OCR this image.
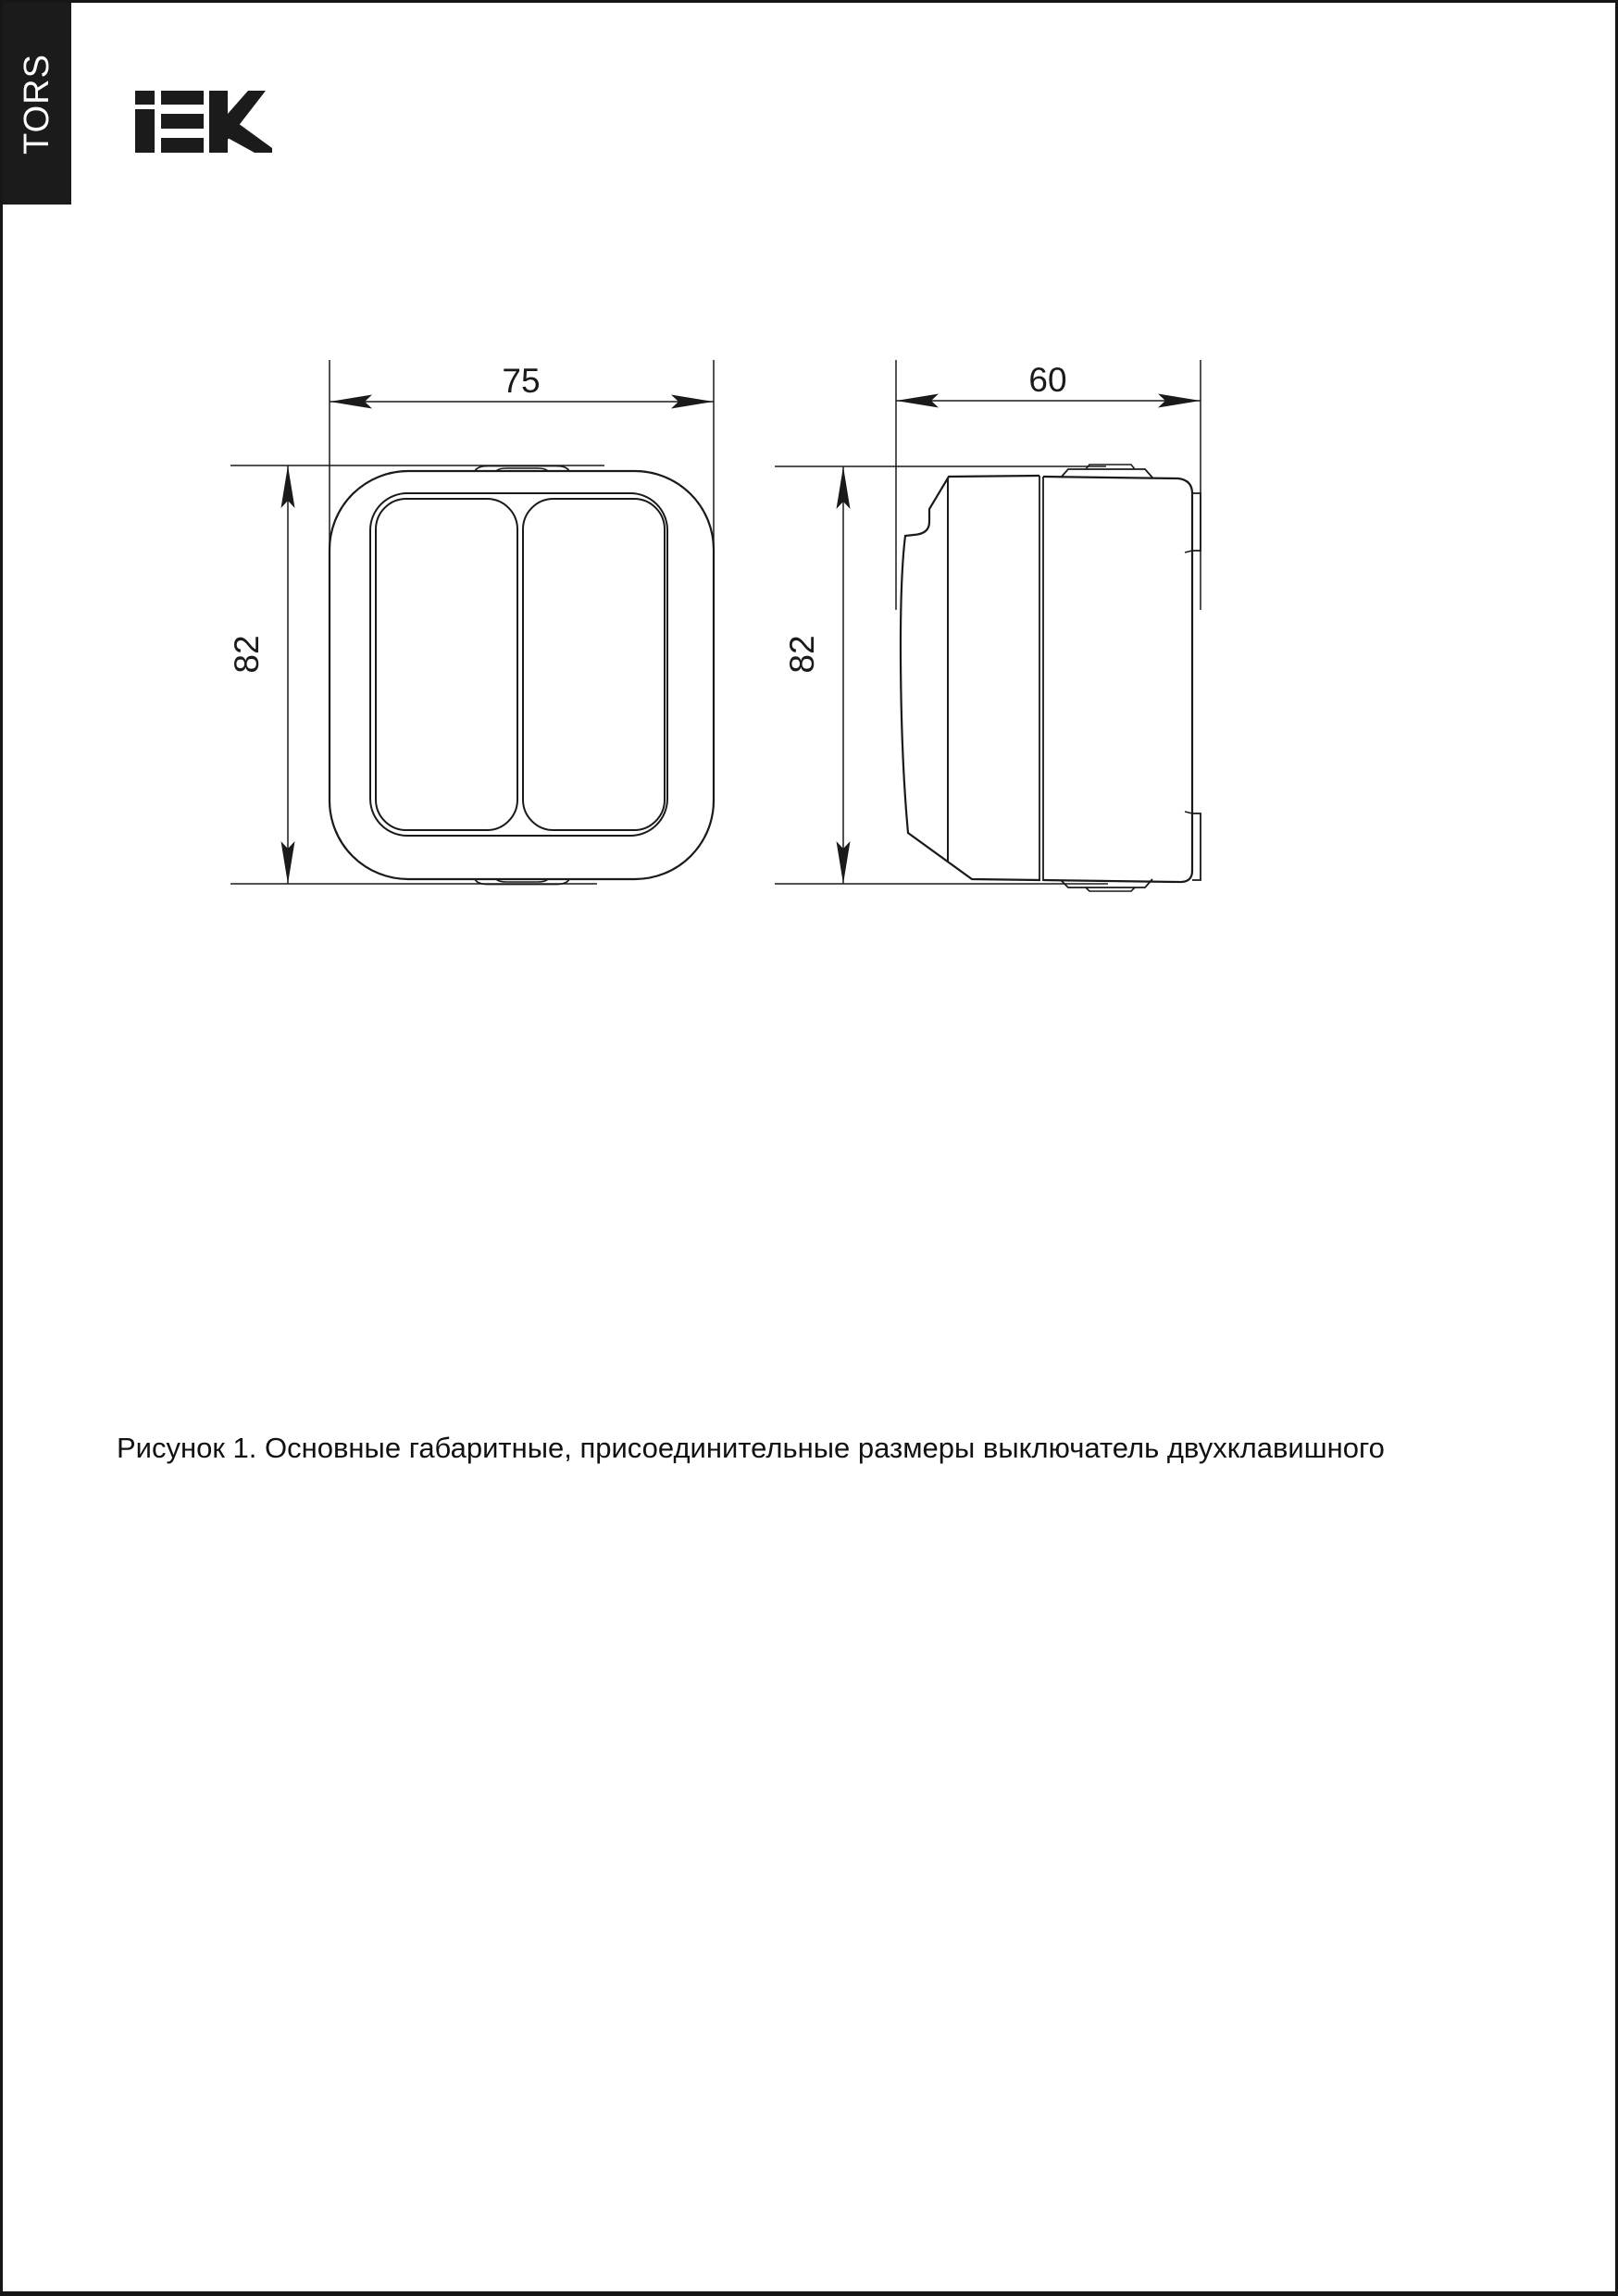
TORS
75
82
60
82
Рисунок 1. Основные габаритные, присоединительные размеры выключатель двухклавишного
